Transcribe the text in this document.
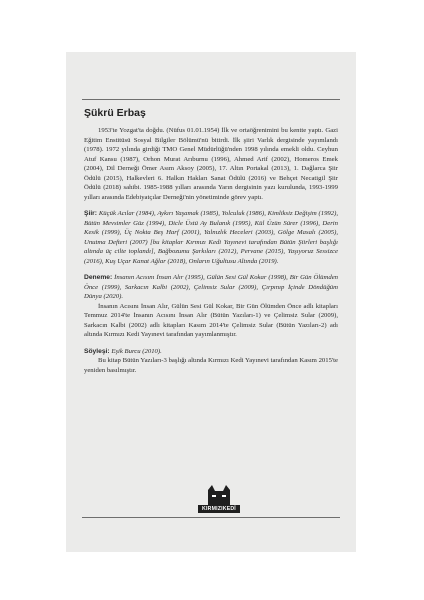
Şükrü Erbaş

1953'te Yozgat'ta doğdu. (Nüfus 01.01.1954) İlk ve ortaöğrenimini bu kentte yaptı. Gazi Eğitim Enstitüsü Sosyal Bilgiler Bölümü'nü bitirdi. İlk şiiri Varlık dergisinde yayımlandı (1978). 1972 yılında girdiği TMO Genel Müdürlüğü'nden 1998 yılında emekli oldu. Ceyhun Atuf Kansu (1987), Orhon Murat Arıburnu (1996), Ahmed Arif (2002), Homeros Emek (2004), Dil Derneği Ömer Asım Aksoy (2005), 17. Altın Portakal (2013), 1. Dağlarca Şiir Ödülü (2015), Halkevleri 6. Halkın Hakları Sanat Ödülü (2016) ve Behçet Necatigil Şiir Ödülü (2018) sahibi. 1985-1988 yılları arasında Yarın dergisinin yazı kurulunda, 1993-1999 yılları arasında Edebiyatçılar Derneği'nin yönetiminde görev yaptı.

Şiir: Küçük Acılar (1984), Aykırı Yaşamak (1985), Yolculuk (1986), Kimliksiz Değişim (1992), Bütün Mevsimler Güz (1994), Dicle Üstü Ay Bulanık (1995), Kül Üzün Sürer (1996), Derin Kesik (1999), Üç Nokta Beş Harf (2001), Yalnızlık Heceleri (2003), Gölge Masalı (2005), Unutma Defteri (2007) [bu kitaplar Kırmızı Kedi Yayınevi tarafından Bütün Şiirleri başlığı altında üç cilte toplandı], Bağbozumu Şarkıları (2012), Pervane (2015), Yaşıyoruz Sessizce (2016), Kuş Uçar Kanat Ağlar (2018), Onların Uğultusu Altında (2019).

Deneme: İnsanın Acısını İnsan Alır (1995), Gülün Sesi Gül Kokar (1998), Bir Gün Ölümden Önce (1999), Sarkacın Kalbi (2002), Çelimsiz Sular (2009), Çırpınıp İçinde Döndüğüm Dünya (2020).

İnsanın Acısını İnsan Alır, Gülün Sesi Gül Kokar, Bir Gün Ölümden Önce adlı kitapları Temmuz 2014'te İnsanın Acısını İnsan Alır (Bütün Yazıları-1) ve Çelimsiz Sular (2009), Sarkacın Kalbi (2002) adlı kitapları Kasım 2014'te Çelimsiz Sular (Bütün Yazıları-2) adı altında Kırmızı Kedi Yayınevi tarafından yayımlanmıştır.

Söyleşi: Eşik Burcu (2010).

Bu kitap Bütün Yazıları-3 başlığı altında Kırmızı Kedi Yayınevi tarafından Kasım 2015'te yeniden basılmıştır.

KIRMIZIKEDİ
